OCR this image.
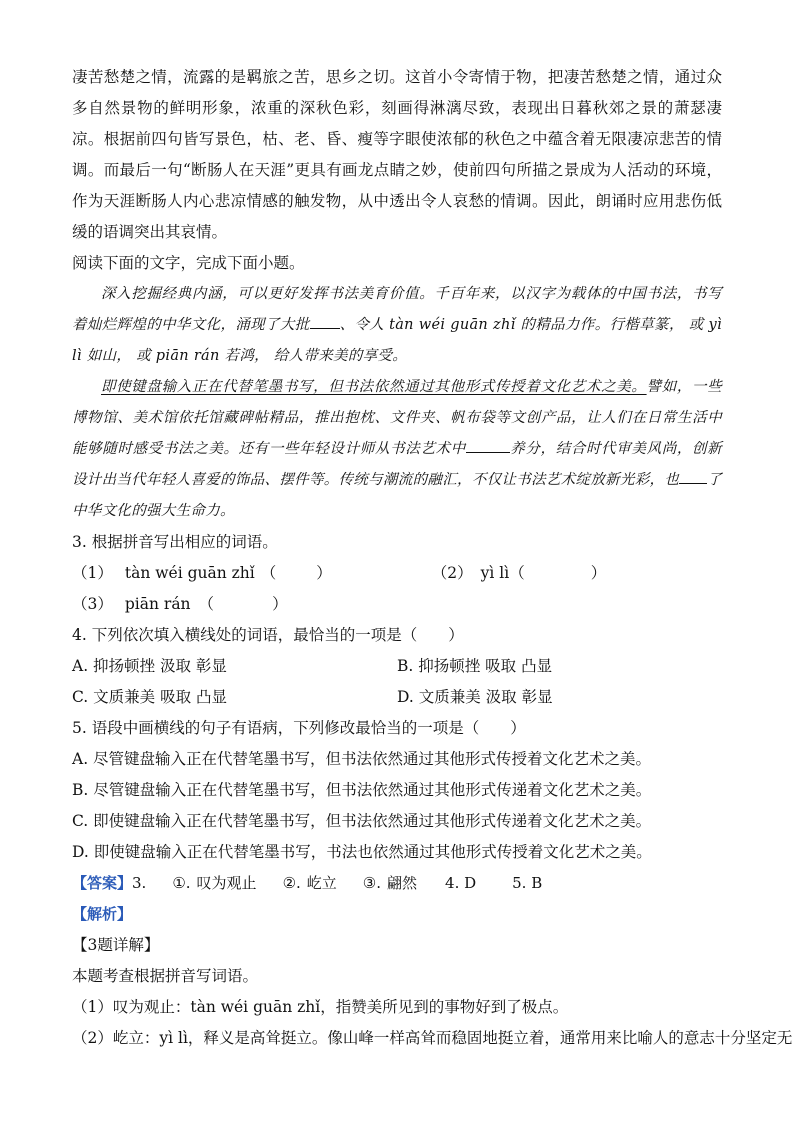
凄苦愁楚之情，流露的是羁旅之苦，思乡之切。这首小令寄情于物，把凄苦愁楚之情，通过众多自然景物的鲜明形象，浓重的深秋色彩，刻画得淋漓尽致，表现出日暮秋郊之景的萧瑟凄凉。根据前四句皆写景色，枯、老、昏、瘦等字眼使浓郁的秋色之中蕴含着无限凄凉悲苦的情调。而最后一句“断肠人在天涯”更具有画龙点睛之妙，使前四句所描之景成为人活动的环境，作为天涯断肠人内心悲凉情感的触发物，从中透出令人哀愁的情调。因此，朗诵时应用悲伤低缓的语调突出其哀情。

阅读下面的文字，完成下面小题。

深入挖掘经典内涵，可以更好发挥书法美育价值。千百年来，以汉字为载体的中国书法，书写着灿烂辉煌的中华文化，涌现了大批 、令人 tàn wéi guān zhǐ 的精品力作。行楷草篆， 或 yì lì 如山， 或 piān rán 若鸿， 给人带来美的享受。

即使键盘输入正在代替笔墨书写，但书法依然通过其他形式传授着文化艺术之美。譬如，一些博物馆、美术馆依托馆藏碑帖精品，推出抱枕、文件夹、帆布袋等文创产品，让人们在日常生活中能够随时感受书法之美。还有一些年轻设计师从书法艺术中	养分，结合时代审美风尚，创新设计出当代年轻人喜爱的饰品、摆件等。传统与潮流的融汇，不仅让书法艺术绽放新光彩，也 了中华文化的强大生命力。

3. 根据拼音写出相应的词语。

（1） tàn wéi guān zhǐ （	）	（2） yì lì（	）

（3） piān rán （	）

4. 下列依次填入横线处的词语，最恰当的一项是（　　）

A. 抑扬顿挫 汲取 彰显	B. 抑扬顿挫 吸取 凸显
C. 文质兼美 吸取 凸显	D. 文质兼美 汲取 彰显

5. 语段中画横线的句子有语病，下列修改最恰当的一项是（　　）

A. 尽管键盘输入正在代替笔墨书写，但书法依然通过其他形式传授着文化艺术之美。

B. 尽管键盘输入正在代替笔墨书写，但书法依然通过其他形式传递着文化艺术之美。

C. 即使键盘输入正在代替笔墨书写，但书法依然通过其他形式传递着文化艺术之美。

D. 即使键盘输入正在代替笔墨书写，书法也依然通过其他形式传授着文化艺术之美。

【答案】3. ①. 叹为观止 ②. 屹立 ③. 翩然 4. D 5. B

【解析】

【3题详解】

本题考查根据拼音写词语。

（1）叹为观止：tàn wéi guān zhǐ，指赞美所见到的事物好到了极点。

（2）屹立：yì lì，释义是高耸挺立。像山峰一样高耸而稳固地挺立着，通常用来比喻人的意志十分坚定无
